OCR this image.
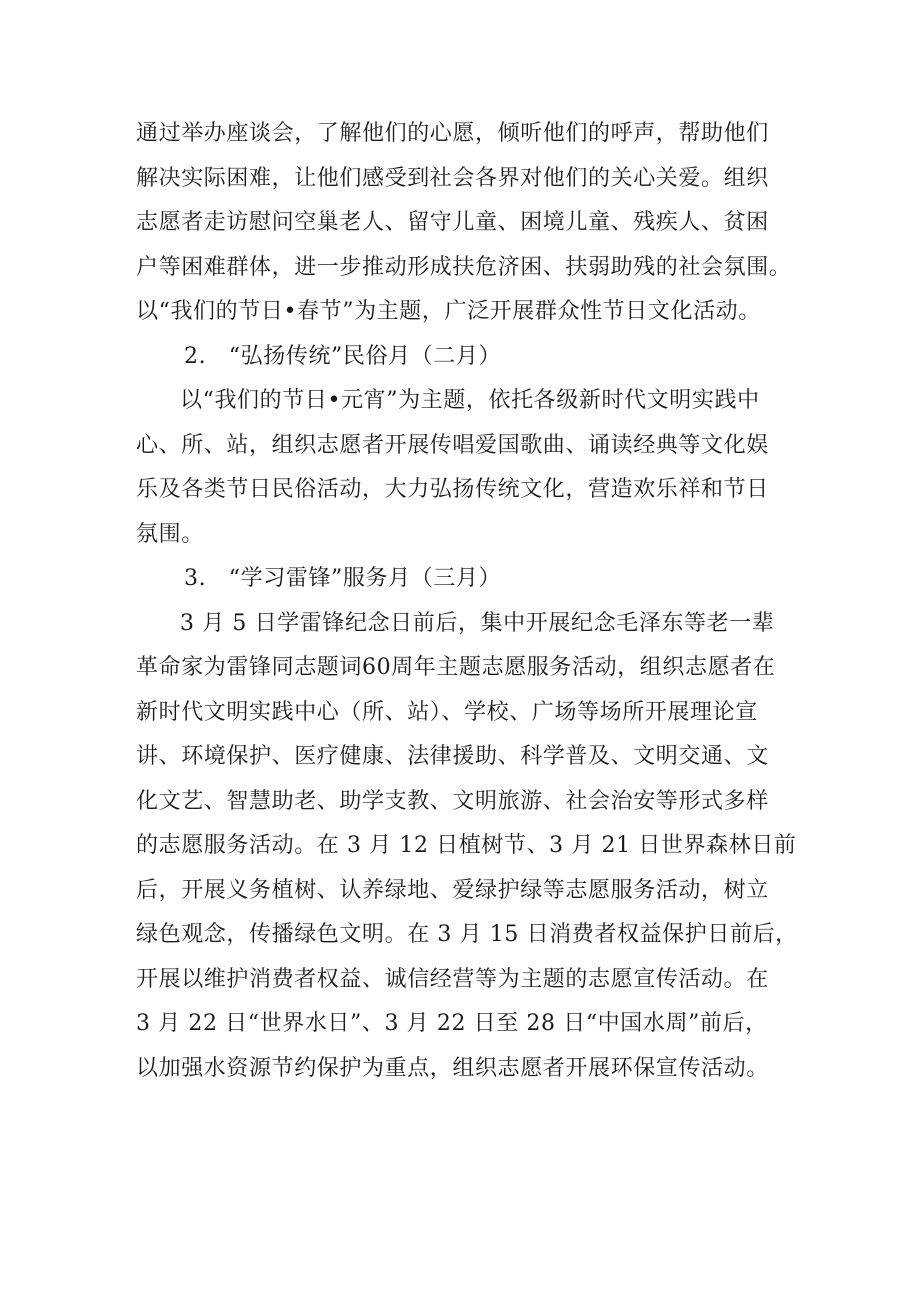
通过举办座谈会，了解他们的心愿，倾听他们的呼声，帮助他们
解决实际困难，让他们感受到社会各界对他们的关心关爱。组织
志愿者走访慰问空巢老人、留守儿童、困境儿童、残疾人、贫困
户等困难群体，进一步推动形成扶危济困、扶弱助残的社会氛围。
以“我们的节日•春节”为主题，广泛开展群众性节日文化活动。
2.　“弘扬传统”民俗月（二月）
以“我们的节日•元宵”为主题，依托各级新时代文明实践中
心、所、站，组织志愿者开展传唱爱国歌曲、诵读经典等文化娱
乐及各类节日民俗活动，大力弘扬传统文化，营造欢乐祥和节日
氛围。
3.　“学习雷锋”服务月（三月）
3 月 5 日学雷锋纪念日前后，集中开展纪念毛泽东等老一辈
革命家为雷锋同志题词60周年主题志愿服务活动，组织志愿者在
新时代文明实践中心（所、站）、学校、广场等场所开展理论宣
讲、环境保护、医疗健康、法律援助、科学普及、文明交通、文
化文艺、智慧助老、助学支教、文明旅游、社会治安等形式多样
的志愿服务活动。在 3 月 12 日植树节、3 月 21 日世界森林日前
后，开展义务植树、认养绿地、爱绿护绿等志愿服务活动，树立
绿色观念，传播绿色文明。在 3 月 15 日消费者权益保护日前后，
开展以维护消费者权益、诚信经营等为主题的志愿宣传活动。在
3 月 22 日“世界水日”、3 月 22 日至 28 日“中国水周”前后，
以加强水资源节约保护为重点，组织志愿者开展环保宣传活动。
